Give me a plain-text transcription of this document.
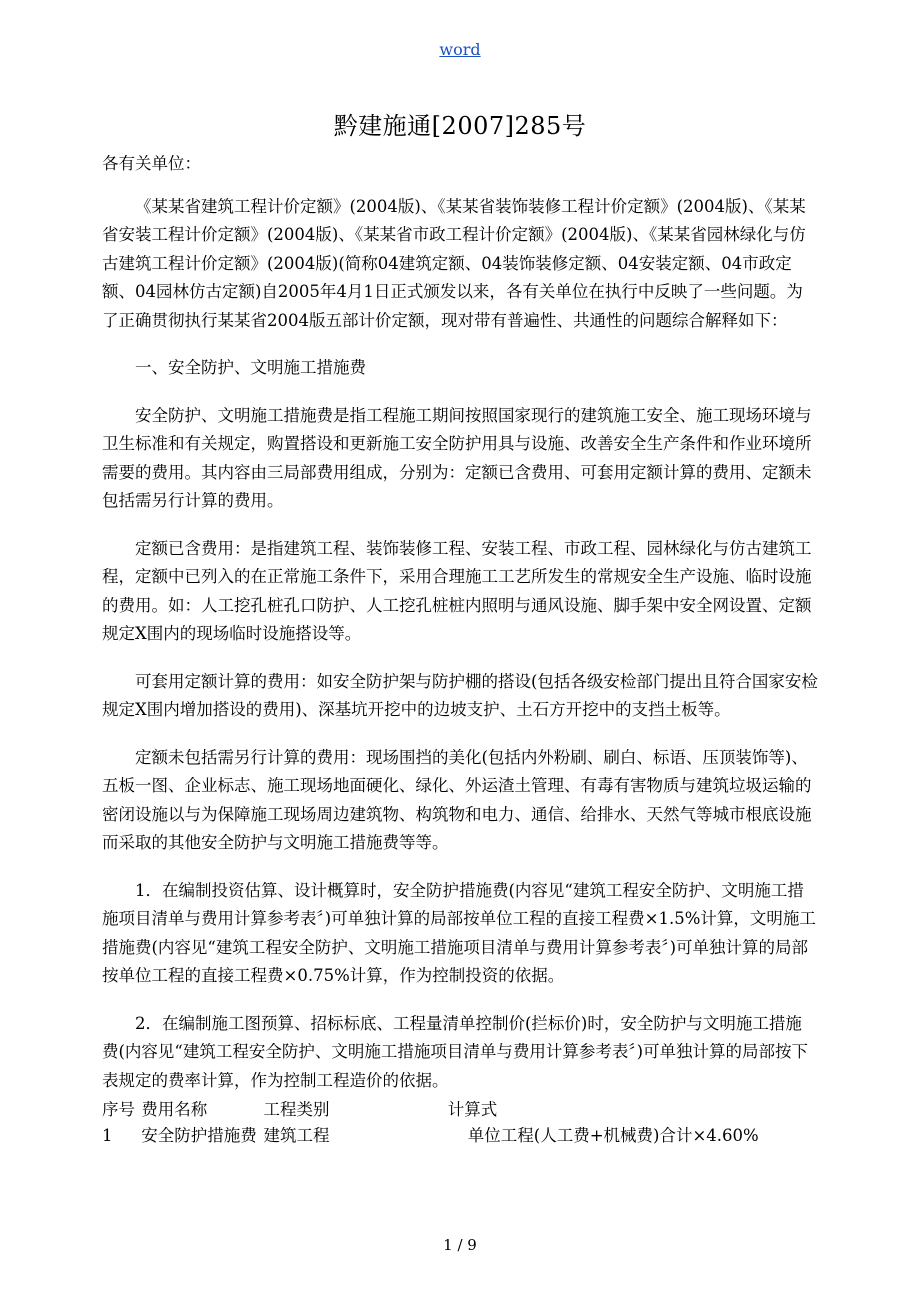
word
黔建施通[2007]285号

各有关单位：

《某某省建筑工程计价定额》(2004版)、《某某省装饰装修工程计价定额》(2004版)、《某某省安装工程计价定额》(2004版)、《某某省市政工程计价定额》(2004版)、《某某省园林绿化与仿古建筑工程计价定额》(2004版)(简称04建筑定额、04装饰装修定额、04安装定额、04市政定额、04园林仿古定额)自2005年4月1日正式颁发以来，各有关单位在执行中反映了一些问题。为了正确贯彻执行某某省2004版五部计价定额，现对带有普遍性、共通性的问题综合解释如下：

一、安全防护、文明施工措施费

安全防护、文明施工措施费是指工程施工期间按照国家现行的建筑施工安全、施工现场环境与卫生标准和有关规定，购置搭设和更新施工安全防护用具与设施、改善安全生产条件和作业环境所需要的费用。其内容由三局部费用组成，分别为：定额已含费用、可套用定额计算的费用、定额未包括需另行计算的费用。

定额已含费用：是指建筑工程、装饰装修工程、安装工程、市政工程、园林绿化与仿古建筑工程，定额中已列入的在正常施工条件下，采用合理施工工艺所发生的常规安全生产设施、临时设施的费用。如：人工挖孔桩孔口防护、人工挖孔桩桩内照明与通风设施、脚手架中安全网设置、定额规定X围内的现场临时设施搭设等。

可套用定额计算的费用：如安全防护架与防护棚的搭设(包括各级安检部门提出且符合国家安检规定X围内增加搭设的费用)、深基坑开挖中的边坡支护、土石方开挖中的支挡土板等。

定额未包括需另行计算的费用：现场围挡的美化(包括内外粉刷、刷白、标语、压顶装饰等)、五板一图、企业标志、施工现场地面硬化、绿化、外运渣土管理、有毒有害物质与建筑垃圾运输的密闭设施以与为保障施工现场周边建筑物、构筑物和电力、通信、给排水、天然气等城市根底设施而采取的其他安全防护与文明施工措施费等等。

1．在编制投资估算、设计概算时，安全防护措施费(内容见“建筑工程安全防护、文明施工措施项目清单与费用计算参考表〞)可单独计算的局部按单位工程的直接工程费×1.5%计算，文明施工措施费(内容见“建筑工程安全防护、文明施工措施项目清单与费用计算参考表〞)可单独计算的局部按单位工程的直接工程费×0.75%计算，作为控制投资的依据。

2．在编制施工图预算、招标标底、工程量清单控制价(拦标价)时，安全防护与文明施工措施费(内容见“建筑工程安全防护、文明施工措施项目清单与费用计算参考表〞)可单独计算的局部按下表规定的费率计算，作为控制工程造价的依据。

序号	费用名称	工程类别	计算式
1	安全防护措施费	建筑工程	单位工程(人工费+机械费)合计×4.60%
1 / 9
